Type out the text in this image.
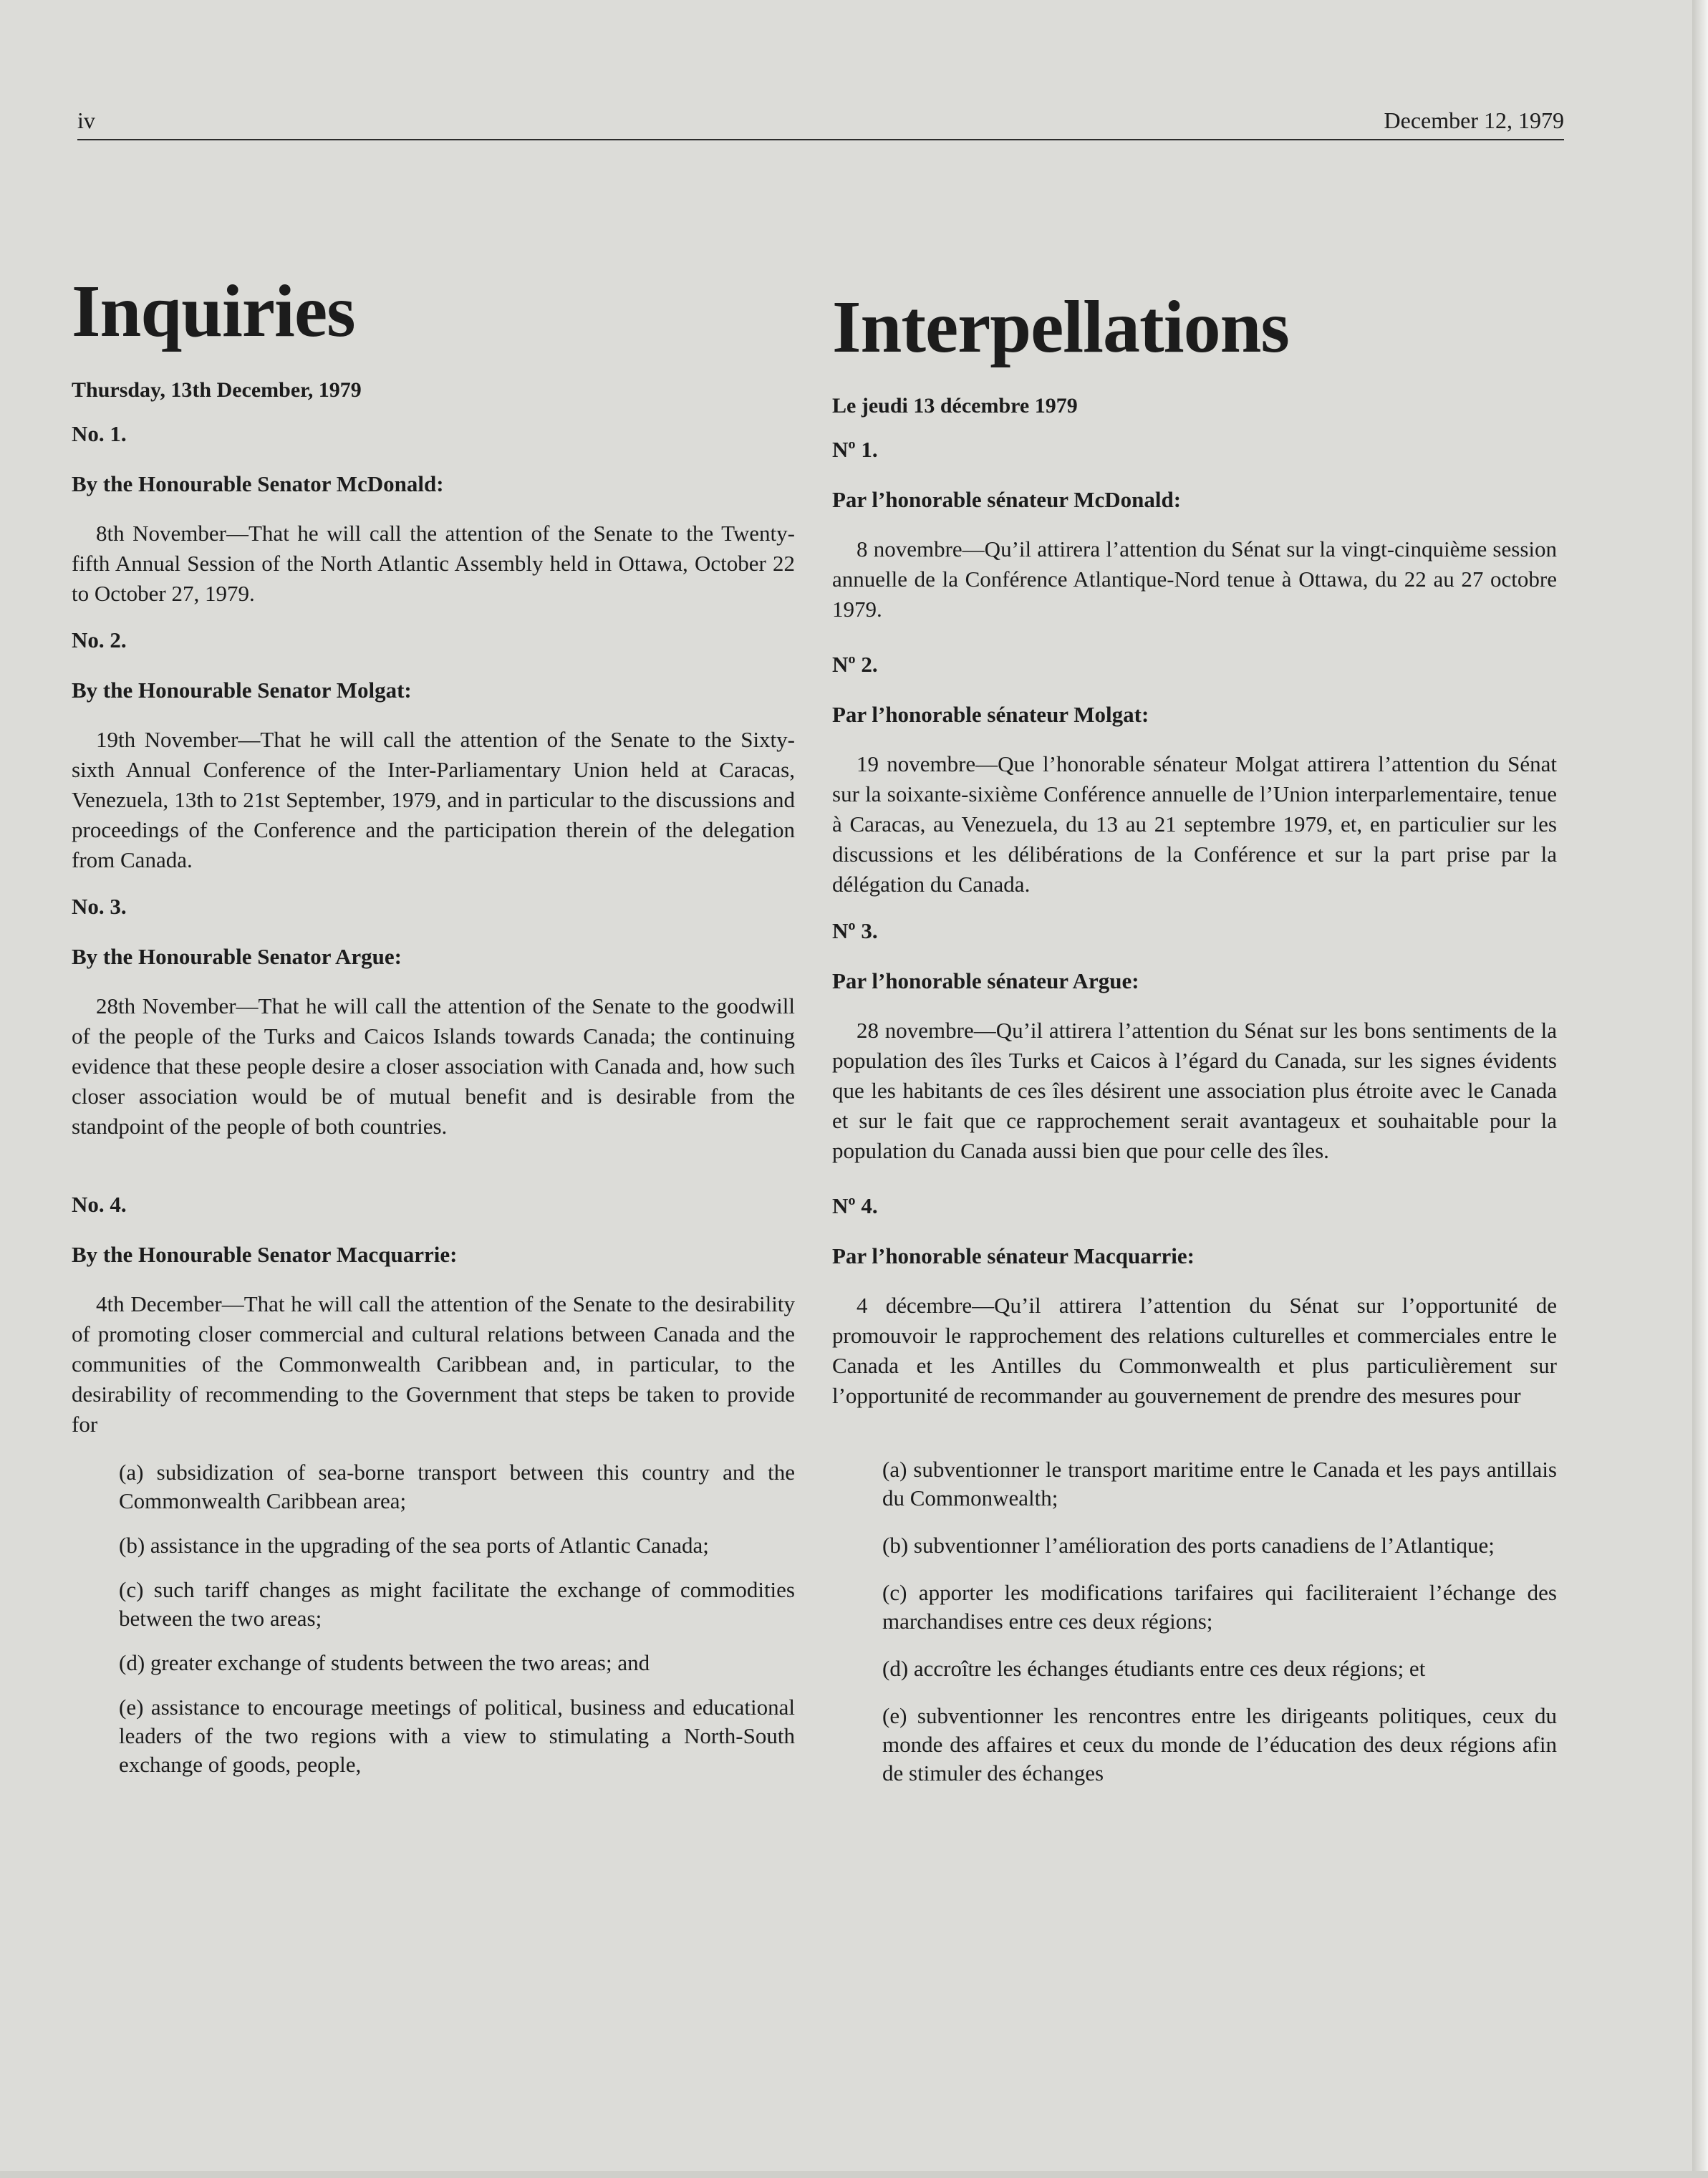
iv	December 12, 1979
Inquiries

Thursday, 13th December, 1979

No. 1.

By the Honourable Senator McDonald:

8th November—That he will call the attention of the Senate to the Twenty-fifth Annual Session of the North Atlantic Assembly held in Ottawa, October 22 to October 27, 1979.

No. 2.

By the Honourable Senator Molgat:

19th November—That he will call the attention of the Senate to the Sixty-sixth Annual Conference of the Inter-Parliamentary Union held at Caracas, Venezuela, 13th to 21st September, 1979, and in particular to the discussions and proceedings of the Conference and the participation therein of the delegation from Canada.

No. 3.

By the Honourable Senator Argue:

28th November—That he will call the attention of the Senate to the goodwill of the people of the Turks and Caicos Islands towards Canada; the continuing evidence that these people desire a closer association with Canada and, how such closer association would be of mutual benefit and is desirable from the standpoint of the people of both countries.

No. 4.

By the Honourable Senator Macquarrie:

4th December—That he will call the attention of the Senate to the desirability of promoting closer commercial and cultural relations between Canada and the communities of the Commonwealth Caribbean and, in particular, to the desirability of recommending to the Government that steps be taken to provide for

(a) subsidization of sea-borne transport between this country and the Commonwealth Caribbean area;
(b) assistance in the upgrading of the sea ports of Atlantic Canada;
(c) such tariff changes as might facilitate the exchange of commodities between the two areas;
(d) greater exchange of students between the two areas; and
(e) assistance to encourage meetings of political, business and educational leaders of the two regions with a view to stimulating a North-South exchange of goods, people,
Interpellations

Le jeudi 13 décembre 1979

Nº 1.

Par l’honorable sénateur McDonald:

8 novembre—Qu’il attirera l’attention du Sénat sur la vingt-cinquième session annuelle de la Conférence Atlantique-Nord tenue à Ottawa, du 22 au 27 octobre 1979.

Nº 2.

Par l’honorable sénateur Molgat:

19 novembre—Que l’honorable sénateur Molgat attirera l’attention du Sénat sur la soixante-sixième Conférence annuelle de l’Union interparlementaire, tenue à Caracas, au Venezuela, du 13 au 21 septembre 1979, et, en particulier sur les discussions et les délibérations de la Conférence et sur la part prise par la délégation du Canada.

Nº 3.

Par l’honorable sénateur Argue:

28 novembre—Qu’il attirera l’attention du Sénat sur les bons sentiments de la population des îles Turks et Caicos à l’égard du Canada, sur les signes évidents que les habitants de ces îles désirent une association plus étroite avec le Canada et sur le fait que ce rapprochement serait avantageux et souhaitable pour la population du Canada aussi bien que pour celle des îles.

Nº 4.

Par l’honorable sénateur Macquarrie:

4 décembre—Qu’il attirera l’attention du Sénat sur l’opportunité de promouvoir le rapprochement des relations culturelles et commerciales entre le Canada et les Antilles du Commonwealth et plus particulièrement sur l’opportunité de recommander au gouvernement de prendre des mesures pour

(a) subventionner le transport maritime entre le Canada et les pays antillais du Commonwealth;
(b) subventionner l’amélioration des ports canadiens de l’Atlantique;
(c) apporter les modifications tarifaires qui faciliteraient l’échange des marchandises entre ces deux régions;
(d) accroître les échanges étudiants entre ces deux régions; et
(e) subventionner les rencontres entre les dirigeants politiques, ceux du monde des affaires et ceux du monde de l’éducation des deux régions afin de stimuler des échanges
